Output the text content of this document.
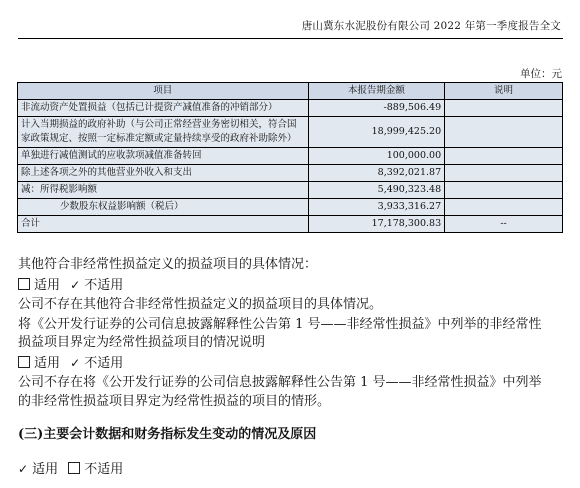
唐山冀东水泥股份有限公司 2022 年第一季度报告全文
单位：元
项目	本报告期金额	说明
非流动资产处置损益（包括已计提资产减值准备的冲销部分）	-889,506.49	
计入当期损益的政府补助（与公司正常经营业务密切相关，符合国家政策规定、按照一定标准定额或定量持续享受的政府补助除外）	18,999,425.20	
单独进行减值测试的应收款项减值准备转回	100,000.00	
除上述各项之外的其他营业外收入和支出	8,392,021.87	
减：所得税影响额	5,490,323.48	
少数股东权益影响额（税后）	3,933,316.27	
合计	17,178,300.83	--
其他符合非经常性损益定义的损益项目的具体情况：
适用 ✓ 不适用
公司不存在其他符合非经常性损益定义的损益项目的具体情况。
将《公开发行证券的公司信息披露解释性公告第 1 号——非经常性损益》中列举的非经常性
损益项目界定为经常性损益项目的情况说明
适用 ✓ 不适用
公司不存在将《公开发行证券的公司信息披露解释性公告第 1 号——非经常性损益》中列举
的非经常性损益项目界定为经常性损益的项目的情形。
(三)主要会计数据和财务指标发生变动的情况及原因
✓ 适用 不适用
